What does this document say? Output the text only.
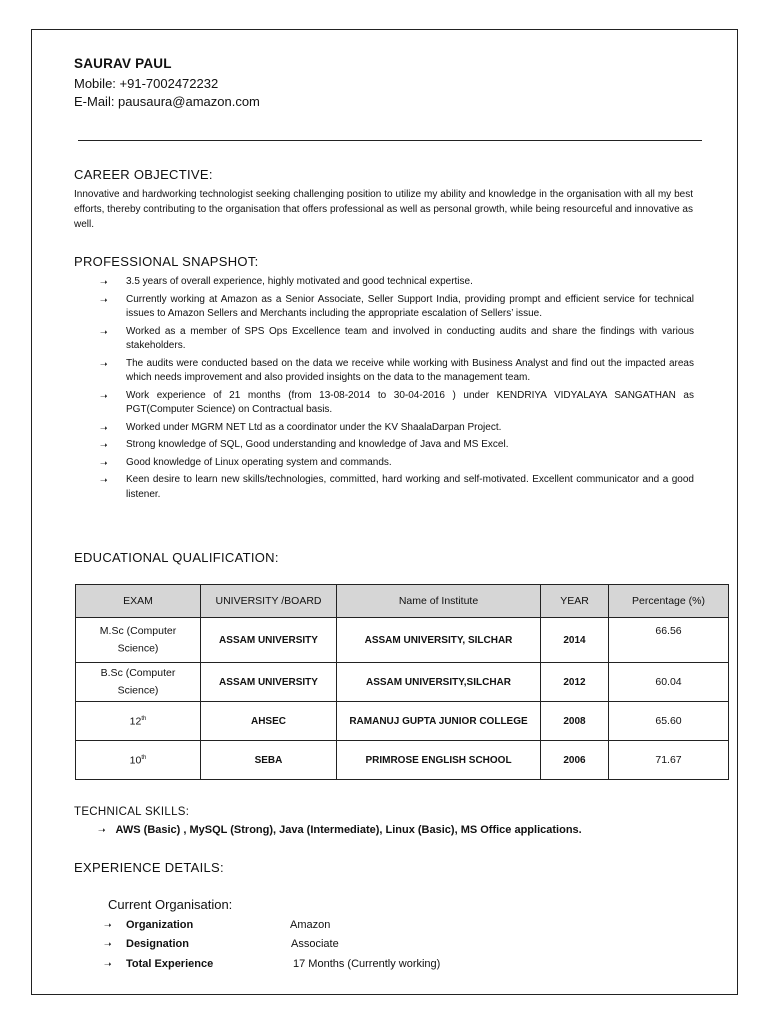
SAURAV PAUL
Mobile: +91-7002472232
E-Mail: pausaura@amazon.com
CAREER OBJECTIVE:
Innovative and hardworking technologist seeking challenging position to utilize my ability and knowledge in the organisation with all my best efforts, thereby contributing to the organisation that offers professional as well as personal growth, while being resourceful and innovative as well.
PROFESSIONAL SNAPSHOT:
➝ 3.5 years of overall experience, highly motivated and good technical expertise.
➝ Currently working at Amazon as a Senior Associate, Seller Support India, providing prompt and efficient service for technical issues to Amazon Sellers and Merchants including the appropriate escalation of Sellers’ issue.
➝ Worked as a member of SPS Ops Excellence team and involved in conducting audits and share the findings with various stakeholders.
➝ The audits were conducted based on the data we receive while working with Business Analyst and find out the impacted areas which needs improvement and also provided insights on the data to the management team.
➝ Work experience of 21 months (from 13-08-2014 to 30-04-2016 ) under KENDRIYA VIDYALAYA SANGATHAN as PGT(Computer Science) on Contractual basis.
➝ Worked under MGRM NET Ltd as a coordinator under the KV ShaalaDarpan Project.
➝ Strong knowledge of SQL, Good understanding and knowledge of Java and MS Excel.
➝ Good knowledge of Linux operating system and commands.
➝ Keen desire to learn new skills/technologies, committed, hard working and self-motivated. Excellent communicator and a good listener.
EDUCATIONAL QUALIFICATION:
EXAM	UNIVERSITY /BOARD	Name of Institute	YEAR	Percentage (%)
M.Sc (Computer Science)	ASSAM UNIVERSITY	ASSAM UNIVERSITY, SILCHAR	2014	66.56
B.Sc (Computer Science)	ASSAM UNIVERSITY	ASSAM UNIVERSITY,SILCHAR	2012	60.04
12th	AHSEC	RAMANUJ GUPTA JUNIOR COLLEGE	2008	65.60
10th	SEBA	PRIMROSE ENGLISH SCHOOL	2006	71.67
TECHNICAL SKILLS:
➝ AWS (Basic) , MySQL (Strong), Java (Intermediate), Linux (Basic), MS Office applications.
EXPERIENCE DETAILS:
Current Organisation:
➝ Organization	Amazon
➝ Designation	Associate
➝ Total Experience	17 Months (Currently working)
